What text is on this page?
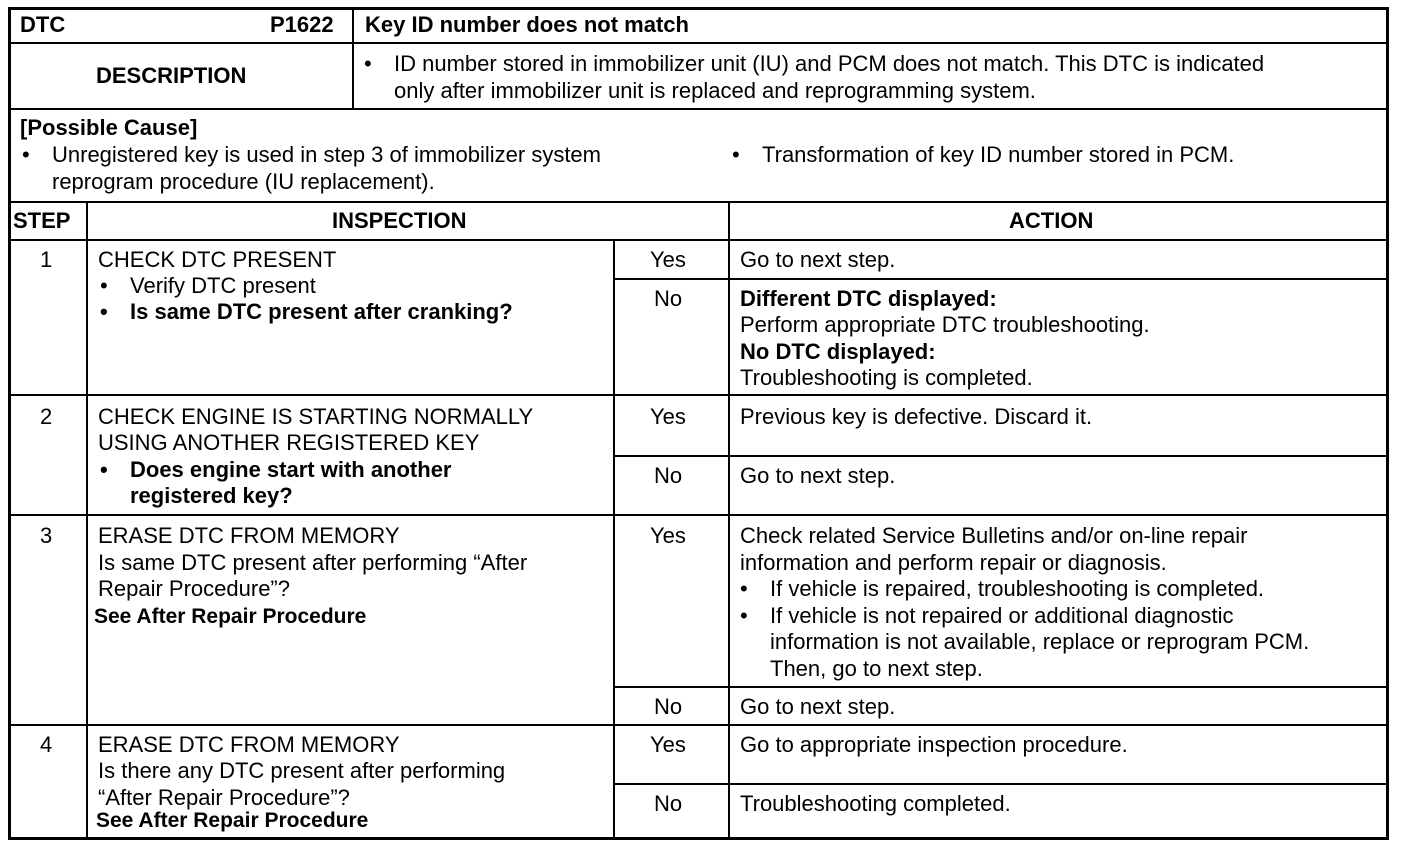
DTC	P1622 Key ID number does not match
DESCRIPTION
•	ID number stored in immobilizer unit (IU) and PCM does not match. This DTC is indicated
only after immobilizer unit is replaced and reprogramming system.
[Possible Cause]
• Unregistered key is used in step 3 of immobilizer system
reprogram procedure (IU replacement).
• Transformation of key ID number stored in PCM.
STEP	INSPECTION	ACTION
1 CHECK DTC PRESENT
• Verify DTC present
• Is same DTC present after cranking?
Yes Go to next step.
No	Different DTC displayed:
Perform appropriate DTC troubleshooting.
No DTC displayed:
Troubleshooting is completed.
2 CHECK ENGINE IS STARTING NORMALLY
USING ANOTHER REGISTERED KEY
• Does engine start with another
registered key?
Yes Previous key is defective. Discard it.
No	Go to next step.
3 ERASE DTC FROM MEMORY
Is same DTC present after performing “After
Repair Procedure”?
See After Repair Procedure
Yes Check related Service Bulletins and/or on-line repair
information and perform repair or diagnosis.
• If vehicle is repaired, troubleshooting is completed.
• If vehicle is not repaired or additional diagnostic
information is not available, replace or reprogram PCM.
Then, go to next step.
No	Go to next step.
4 ERASE DTC FROM MEMORY
Is there any DTC present after performing
“After Repair Procedure”?
See After Repair Procedure
Yes Go to appropriate inspection procedure.
No	Troubleshooting completed.
